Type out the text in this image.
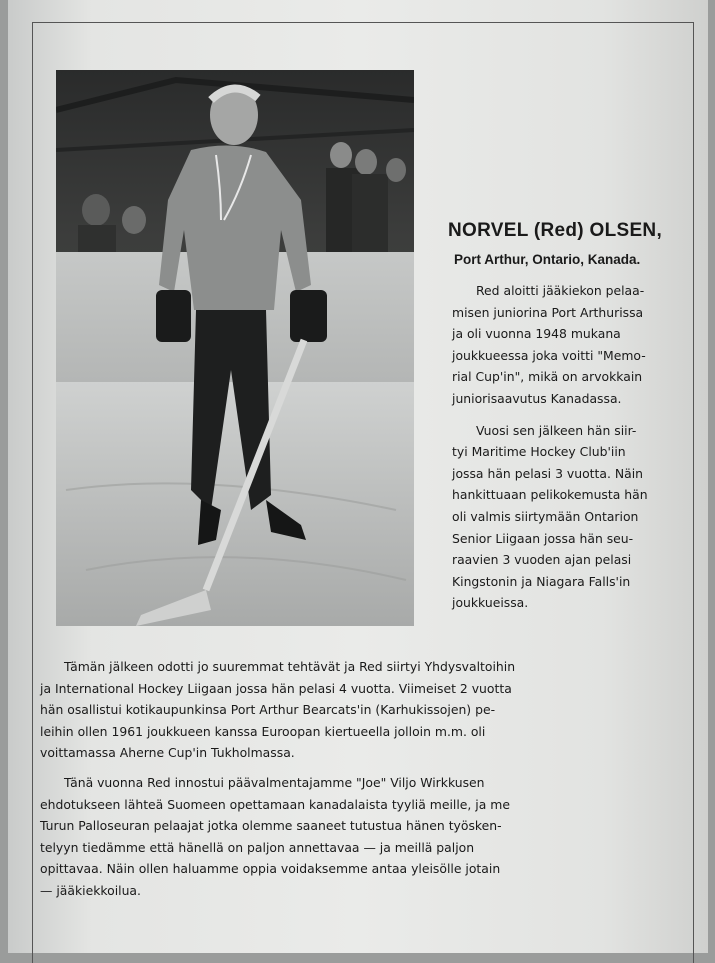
NORVEL (Red) OLSEN,
Port Arthur, Ontario, Kanada.

Red aloitti jääkiekon pelaa-
misen juniorina Port Arthurissa
ja oli vuonna 1948 mukana
joukkueessa joka voitti "Memo-
rial Cup'in", mikä on arvokkain
juniorisaavutus Kanadassa.

Vuosi sen jälkeen hän siir-
tyi Maritime Hockey Club'iin
jossa hän pelasi 3 vuotta. Näin
hankittuaan pelikokemusta hän
oli valmis siirtymään Ontarion
Senior Liigaan jossa hän seu-
raavien 3 vuoden ajan pelasi
Kingstonin ja Niagara Falls'in
joukkueissa.

Tämän jälkeen odotti jo suuremmat tehtävät ja Red siirtyi Yhdysvaltoihin
ja International Hockey Liigaan jossa hän pelasi 4 vuotta. Viimeiset 2 vuotta
hän osallistui kotikaupunkinsa Port Arthur Bearcats'in (Karhukissojen) pe-
leihin ollen 1961 joukkueen kanssa Euroopan kiertueella jolloin m.m. oli
voittamassa Aherne Cup'in Tukholmassa.

Tänä vuonna Red innostui päävalmentajamme "Joe" Viljo Wirkkusen
ehdotukseen lähteä Suomeen opettamaan kanadalaista tyyliä meille, ja me
Turun Palloseuran pelaajat jotka olemme saaneet tutustua hänen työsken-
telyyn tiedämme että hänellä on paljon annettavaa — ja meillä paljon
opittavaa. Näin ollen haluamme oppia voidaksemme antaa yleisölle jotain
— jääkiekkoilua.
